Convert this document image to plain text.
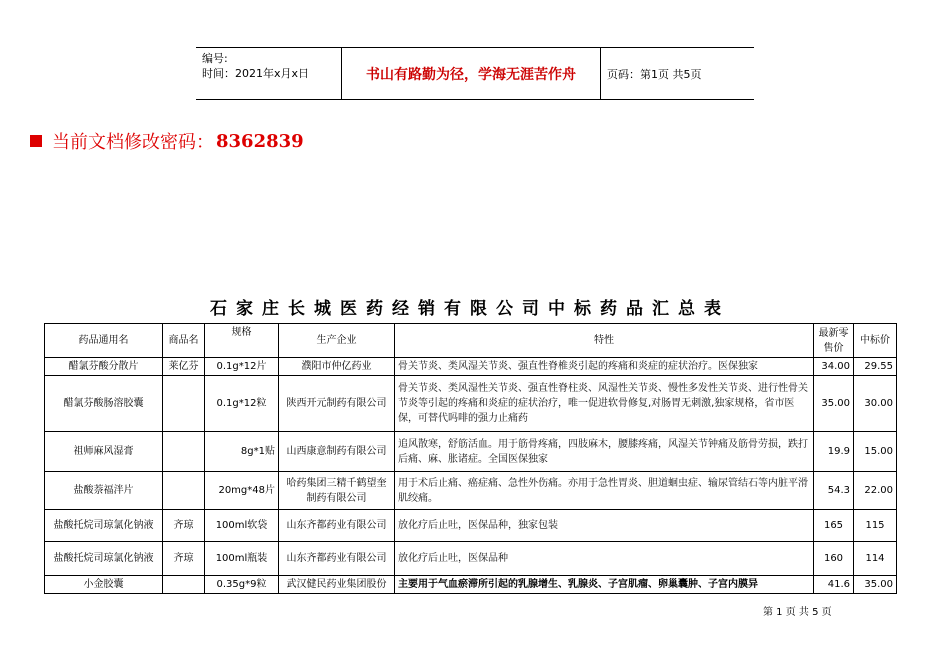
编号:
时间：2021年x月x日	书山有路勤为径，学海无涯苦作舟	页码：第1页 共5页
当前文档修改密码： 8362839
石家庄长城医药经销有限公司中标药品汇总表
药品通用名	商品名	规格	生产企业	特性	最新零售价	中标价
醋氯芬酸分散片	莱亿芬	0.1g*12片	濮阳市仲亿药业	骨关节炎、类风湿关节炎、强直性脊椎炎引起的疼痛和炎症的症状治疗。医保独家	34.00	29.55
醋氯芬酸肠溶胶囊		0.1g*12粒	陕西开元制药有限公司	骨关节炎、类风湿性关节炎、强直性脊柱炎、风湿性关节炎、慢性多发性关节炎、进行性骨关节炎等引起的疼痛和炎症的症状治疗，唯一促进软骨修复,对肠胃无刺激,独家规格，省市医保，可替代吗啡的强力止痛药	35.00	30.00
祖师麻风湿膏		8g*1贴	山西康意制药有限公司	追风散寒，舒筋活血。用于筋骨疼痛，四肢麻木，腰膝疼痛，风湿关节钟痛及筋骨劳损，跌打后痛、麻、胀诸症。全国医保独家	19.9	15.00
盐酸萘福泮片		20mg*48片	哈药集团三精千鹤望奎制药有限公司	用于术后止痛、癌症痛、急性外伤痛。亦用于急性胃炎、胆道蛔虫症、输尿管结石等内脏平滑肌绞痛。	54.3	22.00
盐酸托烷司琼氯化钠液	齐琼	100ml软袋	山东齐都药业有限公司	放化疗后止吐，医保品种，独家包装	165	115
盐酸托烷司琼氯化钠液	齐琼	100ml瓶装	山东齐都药业有限公司	放化疗后止吐，医保品种	160	114
小金胶囊		0.35g*9粒	武汉健民药业集团股份	主要用于气血瘀滞所引起的乳腺增生、乳腺炎、子宫肌瘤、卵巢囊肿、子宫内膜异	41.6	35.00
第 1 页 共 5 页
